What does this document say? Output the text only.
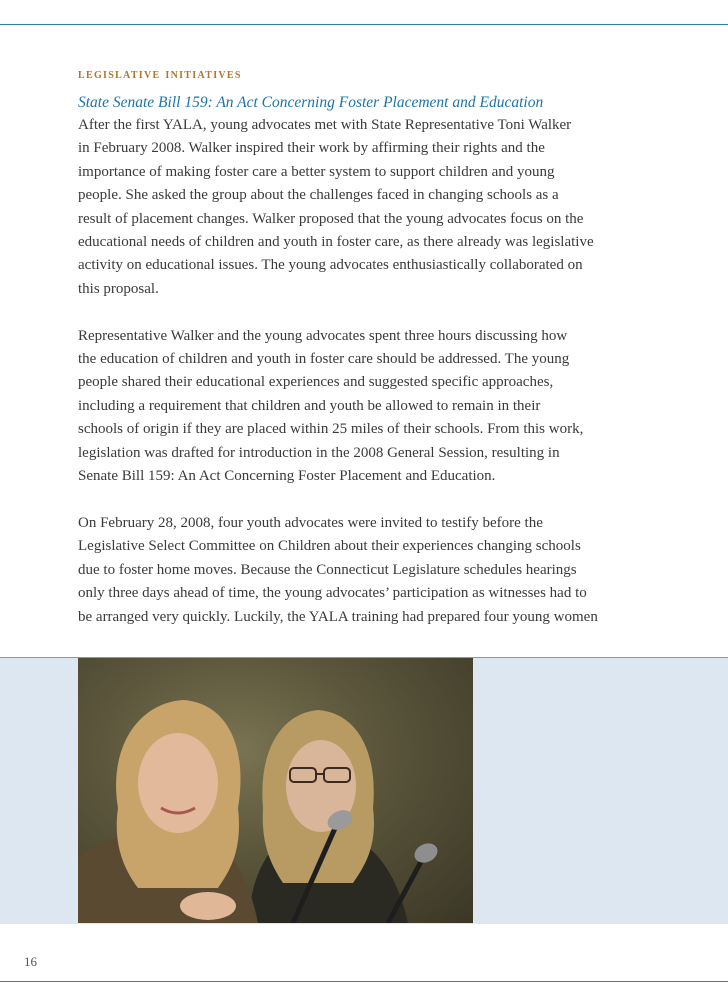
legislative initiatives

State Senate Bill 159: An Act Concerning Foster Placement and Education

After the first YALA, young advocates met with State Representative Toni Walker
in February 2008. Walker inspired their work by affirming their rights and the
importance of making foster care a better system to support children and young
people. She asked the group about the challenges faced in changing schools as a
result of placement changes. Walker proposed that the young advocates focus on the
educational needs of children and youth in foster care, as there already was legislative
activity on educational issues. The young advocates enthusiastically collaborated on
this proposal.

Representative Walker and the young advocates spent three hours discussing how
the education of children and youth in foster care should be addressed. The young
people shared their educational experiences and suggested specific approaches,
including a requirement that children and youth be allowed to remain in their
schools of origin if they are placed within 25 miles of their schools. From this work,
legislation was drafted for introduction in the 2008 General Session, resulting in
Senate Bill 159: An Act Concerning Foster Placement and Education.

On February 28, 2008, four youth advocates were invited to testify before the
Legislative Select Committee on Children about their experiences changing schools
due to foster home moves. Because the Connecticut Legislature schedules hearings
only three days ahead of time, the young advocates’ participation as witnesses had to
be arranged very quickly. Luckily, the YALA training had prepared four young women

16
